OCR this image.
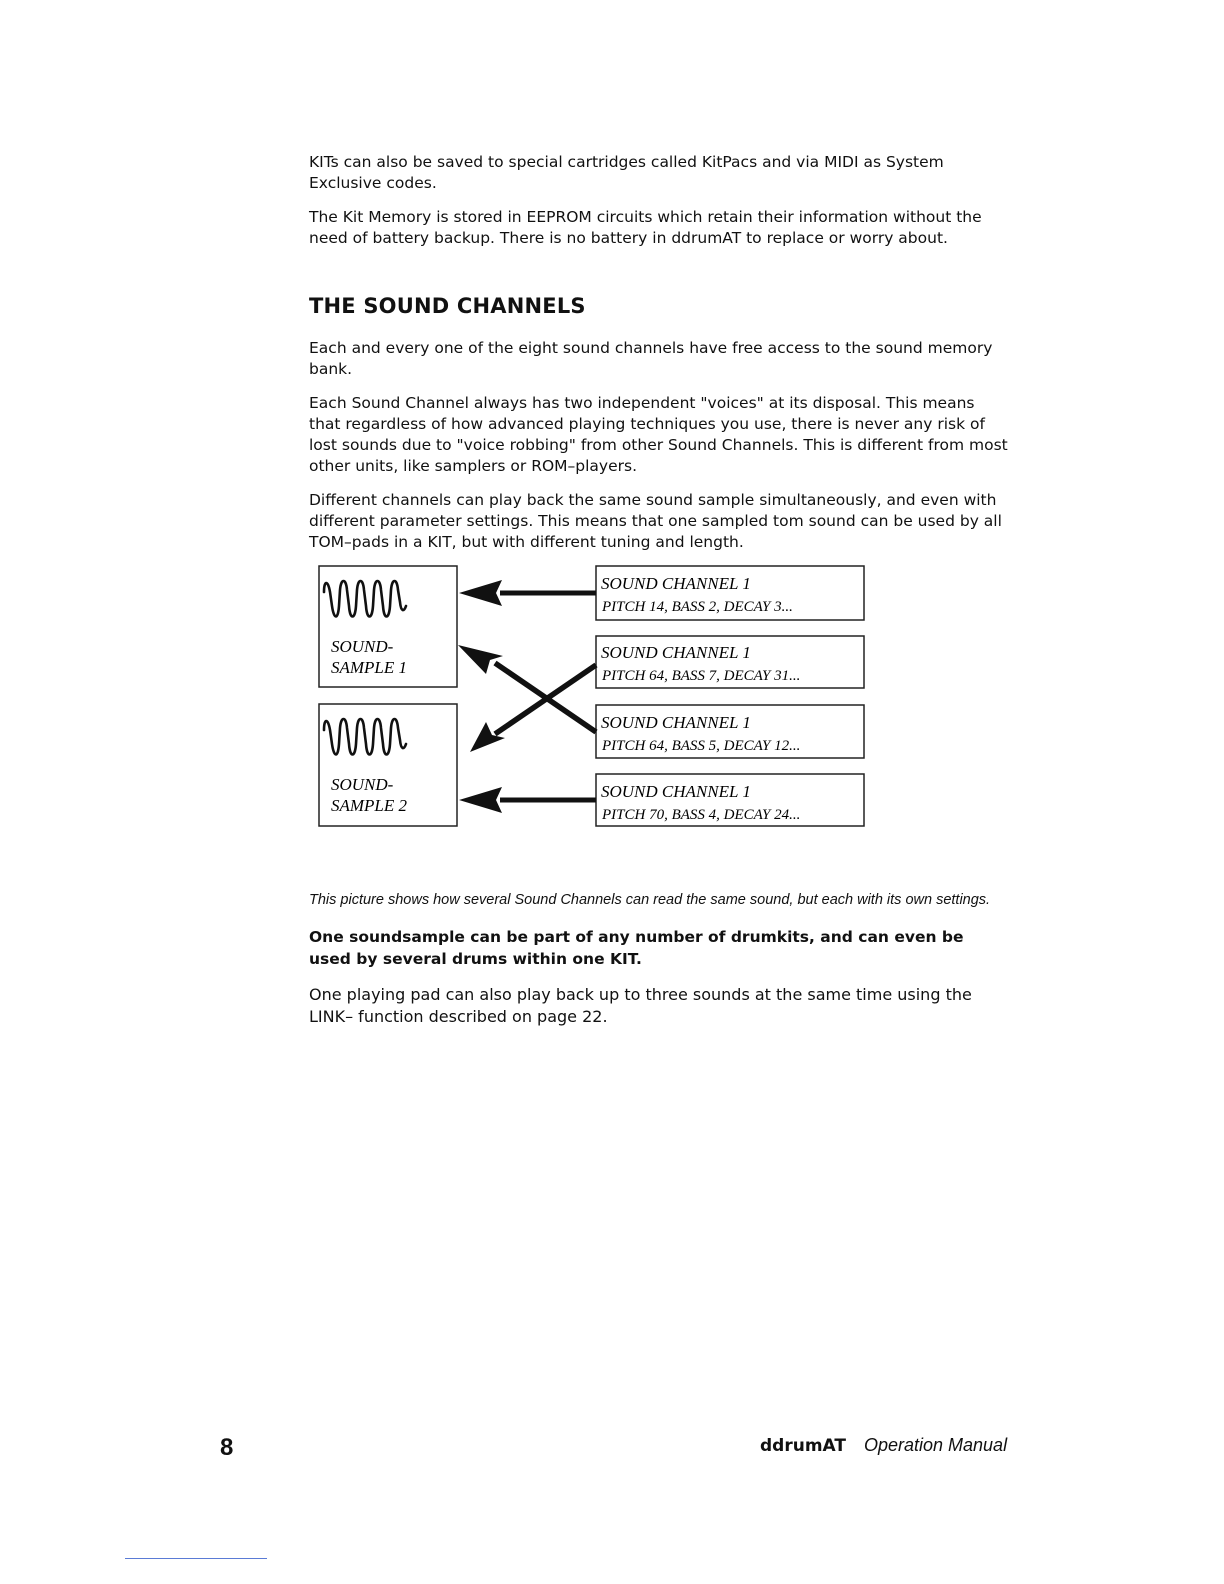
KITs can also be saved to special cartridges called KitPacs and via MIDI as System Exclusive codes.

The Kit Memory is stored in EEPROM circuits which retain their information without the need of battery backup. There is no battery in ddrumAT to replace or worry about.

THE SOUND CHANNELS

Each and every one of the eight sound channels have free access to the sound memory bank.

Each Sound Channel always has two independent "voices" at its disposal. This means that regardless of how advanced playing techniques you use, there is never any risk of lost sounds due to "voice robbing" from other Sound Channels. This is different from most other units, like samplers or ROM–players.

Different channels can play back the same sound sample simultaneously, and even with different parameter settings. This means that one sampled tom sound can be used by all TOM–pads in a KIT, but with different tuning and length.

SOUND-
SAMPLE 1
SOUND-
SAMPLE 2
SOUND CHANNEL 1
PITCH 14, BASS 2, DECAY 3...
SOUND CHANNEL 1
PITCH 64, BASS 7, DECAY 31...
SOUND CHANNEL 1
PITCH 64, BASS 5, DECAY 12...
SOUND CHANNEL 1
PITCH 70, BASS 4, DECAY 24...

This picture shows how several Sound Channels can read the same sound, but each with its own settings.

One soundsample can be part of any number of drumkits, and can even be used by several drums within one KIT.

One playing pad can also play back up to three sounds at the same time using the LINK– function described on page 22.

8	ddrumAT Operation Manual
